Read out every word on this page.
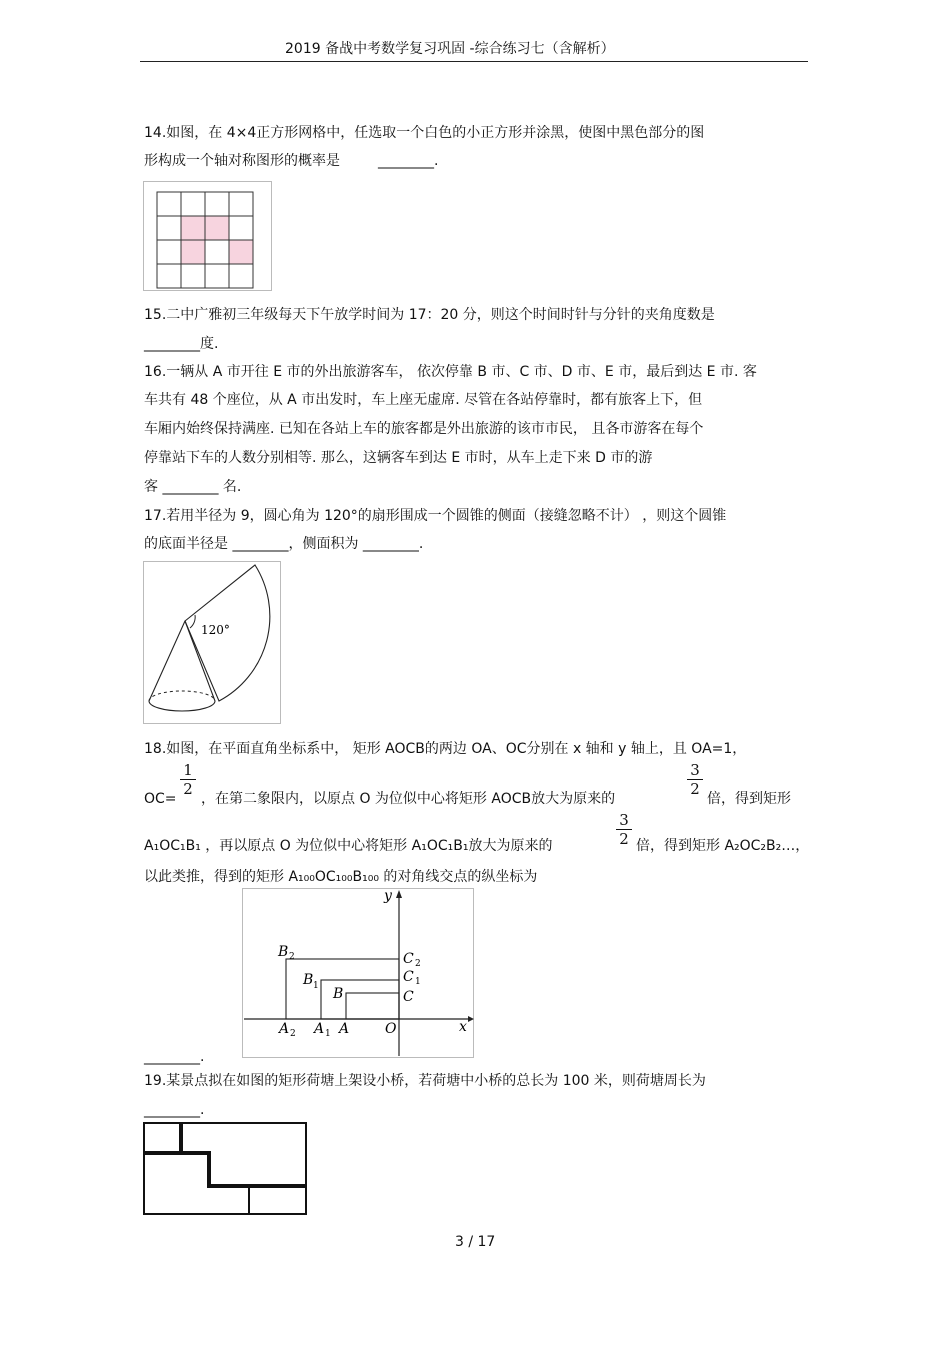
2019 备战中考数学复习巩固 -综合练习七（含解析）
14.如图，在 4×4正方形网格中，任选取一个白色的小正方形并涂黑，使图中黑色部分的图
形构成一个轴对称图形的概率是	________.
15.二中广雅初三年级每天下午放学时间为 17：20 分，则这个时间时针与分针的夹角度数是
________度.
16.一辆从 A 市开往 E 市的外出旅游客车， 依次停靠 B 市、C 市、D 市、E 市，最后到达 E 市. 客
车共有 48 个座位，从 A 市出发时，车上座无虚席. 尽管在各站停靠时，都有旅客上下，但
车厢内始终保持满座. 已知在各站上车的旅客都是外出旅游的该市市民， 且各市游客在每个
停靠站下车的人数分别相等. 那么，这辆客车到达 E 市时，从车上走下来 D 市的游
客 ________ 名.
17.若用半径为 9，圆心角为 120°的扇形围成一个圆锥的侧面（接缝忽略不计） ，则这个圆锥
的底面半径是 ________，侧面积为 ________.
120°
18.如图，在平面直角坐标系中， 矩形 AOCB的两边 OA、OC分别在 x 轴和 y 轴上，且 OA=1，
OC=
$\frac{1}{2}$
，在第二象限内，以原点 O 为位似中心将矩形 AOCB放大为原来的
$\frac{3}{2}$
倍，得到矩形
A₁OC₁B₁ ，再以原点 O 为位似中心将矩形 A₁OC₁B₁放大为原来的	$\frac{3}{2}$ 倍，得到矩形 A₂OC₂B₂…，
以此类推，得到的矩形 A₁₀₀OC₁₀₀B₁₀₀ 的对角线交点的纵坐标为
y
x
O
B 2
B 1 B
C 2
C 1
C
A 2 A 1 A
________.
19.某景点拟在如图的矩形荷塘上架设小桥，若荷塘中小桥的总长为 100 米，则荷塘周长为
________.
3 / 17
